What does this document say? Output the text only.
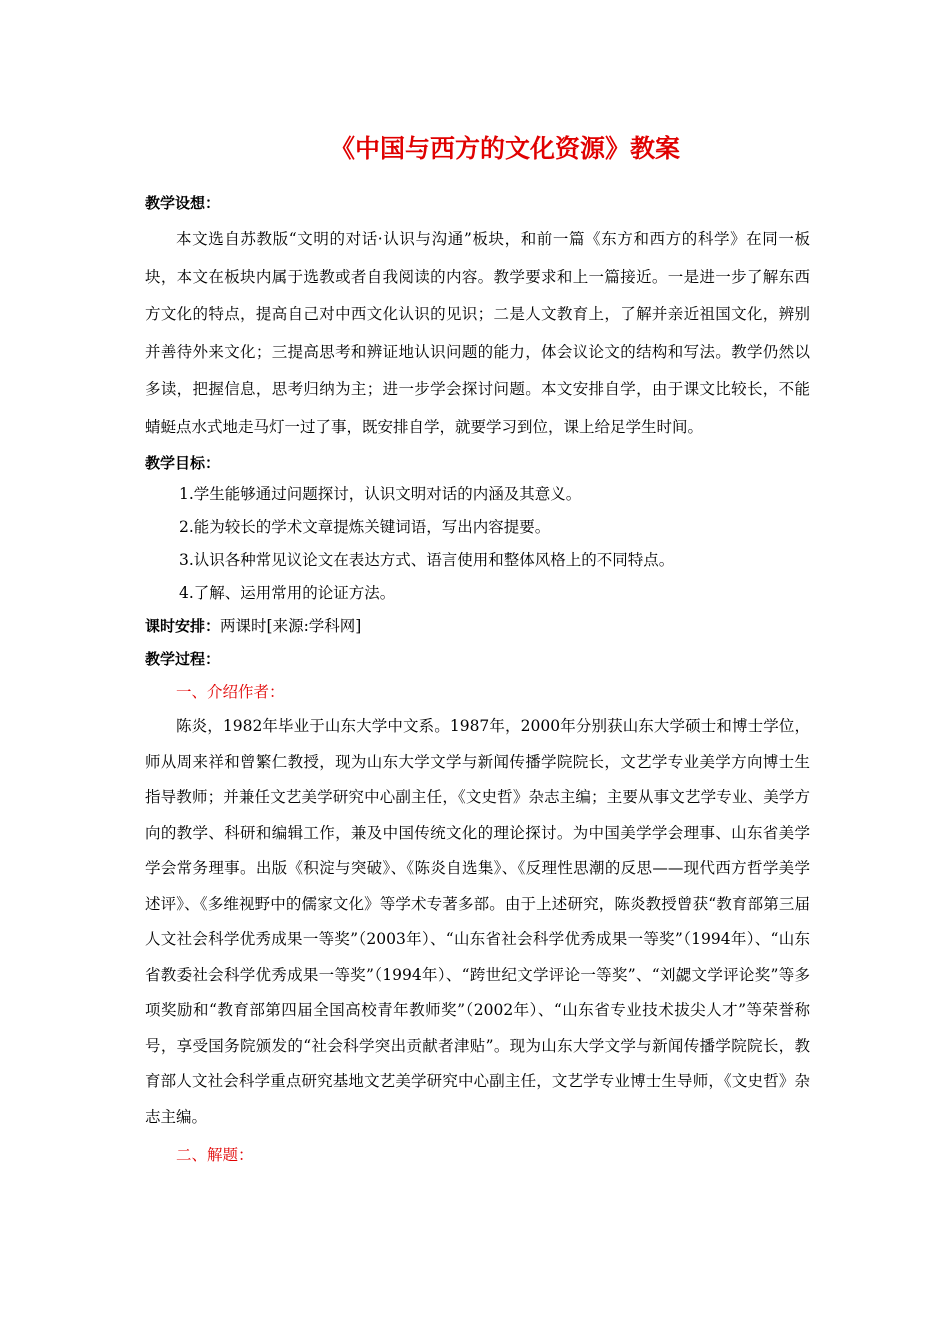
《中国与西方的文化资源》教案
教学设想：

本文选自苏教版“文明的对话·认识与沟通”板块，和前一篇《东方和西方的科学》在同一板块，本文在板块内属于选教或者自我阅读的内容。教学要求和上一篇接近。一是进一步了解东西方文化的特点，提高自己对中西文化认识的见识；二是人文教育上，了解并亲近祖国文化，辨别并善待外来文化；三提高思考和辨证地认识问题的能力，体会议论文的结构和写法。教学仍然以多读，把握信息，思考归纳为主；进一步学会探讨问题。本文安排自学，由于课文比较长，不能蜻蜓点水式地走马灯一过了事，既安排自学，就要学习到位，课上给足学生时间。

教学目标：

1.学生能够通过问题探讨，认识文明对话的内涵及其意义。

2.能为较长的学术文章提炼关键词语，写出内容提要。

3.认识各种常见议论文在表达方式、语言使用和整体风格上的不同特点。

4.了解、运用常用的论证方法。

课时安排：两课时[来源:学科网]
教学过程：
一、介绍作者：

陈炎，1982年毕业于山东大学中文系。1987年，2000年分别获山东大学硕士和博士学位，师从周来祥和曾繁仁教授，现为山东大学文学与新闻传播学院院长，文艺学专业美学方向博士生指导教师；并兼任文艺美学研究中心副主任，《文史哲》杂志主编；主要从事文艺学专业、美学方向的教学、科研和编辑工作，兼及中国传统文化的理论探讨。为中国美学学会理事、山东省美学学会常务理事。出版《积淀与突破》、《陈炎自选集》、《反理性思潮的反思——现代西方哲学美学述评》、《多维视野中的儒家文化》等学术专著多部。由于上述研究，陈炎教授曾获“教育部第三届人文社会科学优秀成果一等奖”（2003年）、“山东省社会科学优秀成果一等奖”（1994年）、“山东省教委社会科学优秀成果一等奖”（1994年）、“跨世纪文学评论一等奖”、“刘勰文学评论奖”等多项奖励和“教育部第四届全国高校青年教师奖”（2002年）、“山东省专业技术拔尖人才”等荣誉称号，享受国务院颁发的“社会科学突出贡献者津贴”。现为山东大学文学与新闻传播学院院长，教育部人文社会科学重点研究基地文艺美学研究中心副主任，文艺学专业博士生导师，《文史哲》杂志主编。

二、解题：
